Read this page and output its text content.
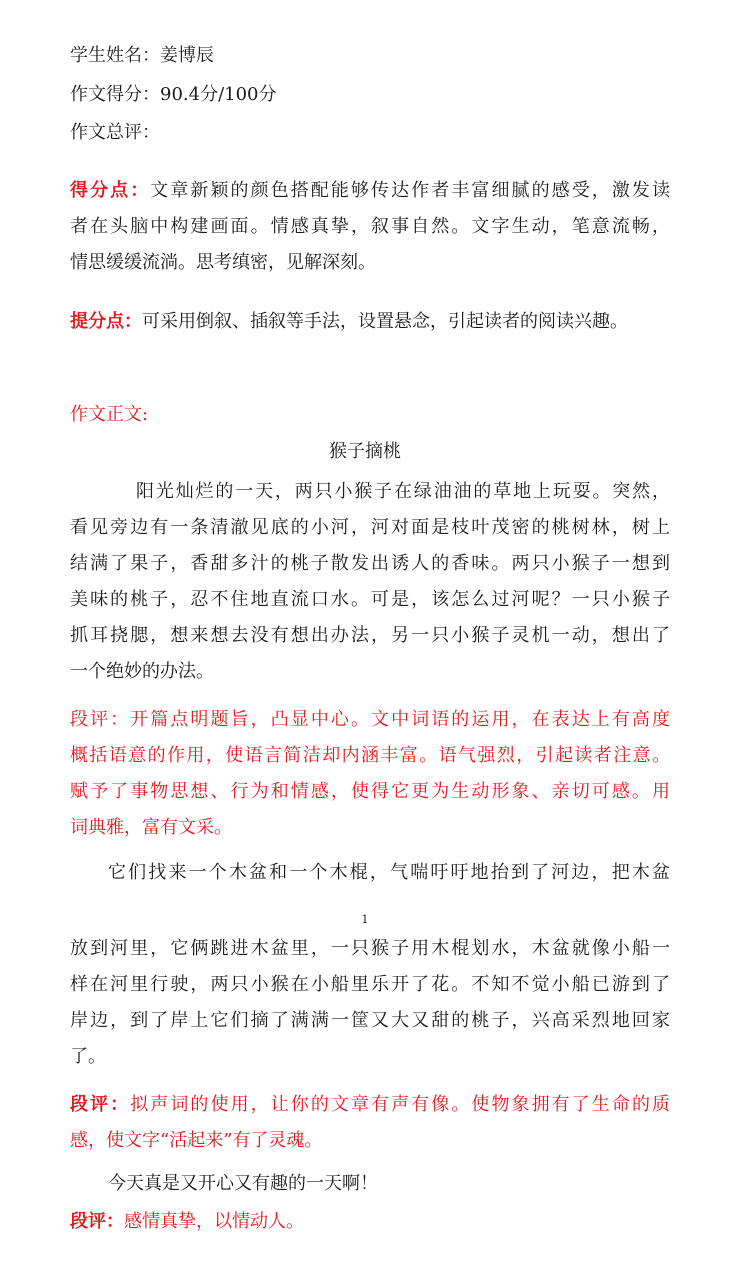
学生姓名：姜博辰
作文得分：90.4分/100分
作文总评：
得分点：文章新颖的颜色搭配能够传达作者丰富细腻的感受，激发读
者在头脑中构建画面。情感真挚，叙事自然。文字生动，笔意流畅，
情思缓缓流淌。思考缜密，见解深刻。
提分点：可采用倒叙、插叙等手法，设置悬念，引起读者的阅读兴趣。
作文正文:
猴子摘桃
阳光灿烂的一天，两只小猴子在绿油油的草地上玩耍。突然，
看见旁边有一条清澈见底的小河，河对面是枝叶茂密的桃树林，树上
结满了果子，香甜多汁的桃子散发出诱人的香味。两只小猴子一想到
美味的桃子，忍不住地直流口水。可是，该怎么过河呢？一只小猴子
抓耳挠腮，想来想去没有想出办法，另一只小猴子灵机一动，想出了
一个绝妙的办法。
段评：开篇点明题旨，凸显中心。文中词语的运用，在表达上有高度
概括语意的作用，使语言简洁却内涵丰富。语气强烈，引起读者注意。
赋予了事物思想、行为和情感，使得它更为生动形象、亲切可感。用
词典雅，富有文采。
它们找来一个木盆和一个木棍，气喘吁吁地抬到了河边，把木盆
1
放到河里，它俩跳进木盆里，一只猴子用木棍划水，木盆就像小船一
样在河里行驶，两只小猴在小船里乐开了花。不知不觉小船已游到了
岸边，到了岸上它们摘了满满一筐又大又甜的桃子，兴高采烈地回家
了。
段评：拟声词的使用，让你的文章有声有像。使物象拥有了生命的质
感，使文字“活起来”有了灵魂。
今天真是又开心又有趣的一天啊！
段评：感情真挚，以情动人。
